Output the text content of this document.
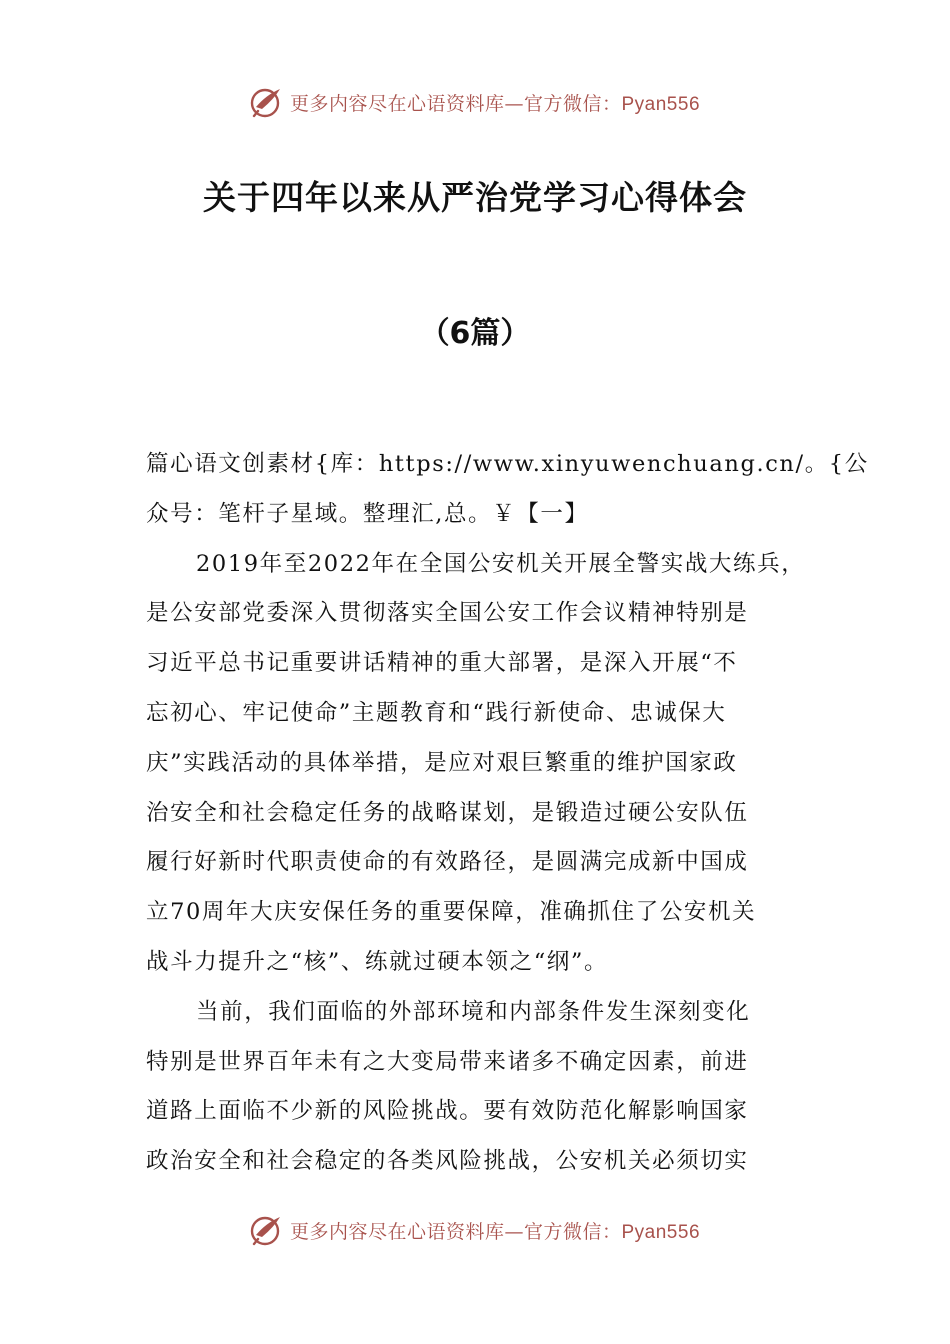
更多内容尽在心语资料库—官方微信：Pyan556
关于四年以来从严治党学习心得体会
（6篇）
篇心语文创素材{库：https://www.xinyuwenchuang.cn/。{公
众号：笔杆子星域。整理汇,总。￥【一】
2019年至2022年在全国公安机关开展全警实战大练兵，
是公安部党委深入贯彻落实全国公安工作会议精神特别是
习近平总书记重要讲话精神的重大部署，是深入开展“不
忘初心、牢记使命”主题教育和“践行新使命、忠诚保大
庆”实践活动的具体举措，是应对艰巨繁重的维护国家政
治安全和社会稳定任务的战略谋划，是锻造过硬公安队伍
履行好新时代职责使命的有效路径，是圆满完成新中国成
立70周年大庆安保任务的重要保障，准确抓住了公安机关
战斗力提升之“核”、练就过硬本领之“纲”。
当前，我们面临的外部环境和内部条件发生深刻变化
特别是世界百年未有之大变局带来诸多不确定因素，前进
道路上面临不少新的风险挑战。要有效防范化解影响国家
政治安全和社会稳定的各类风险挑战，公安机关必须切实
更多内容尽在心语资料库—官方微信：Pyan556
